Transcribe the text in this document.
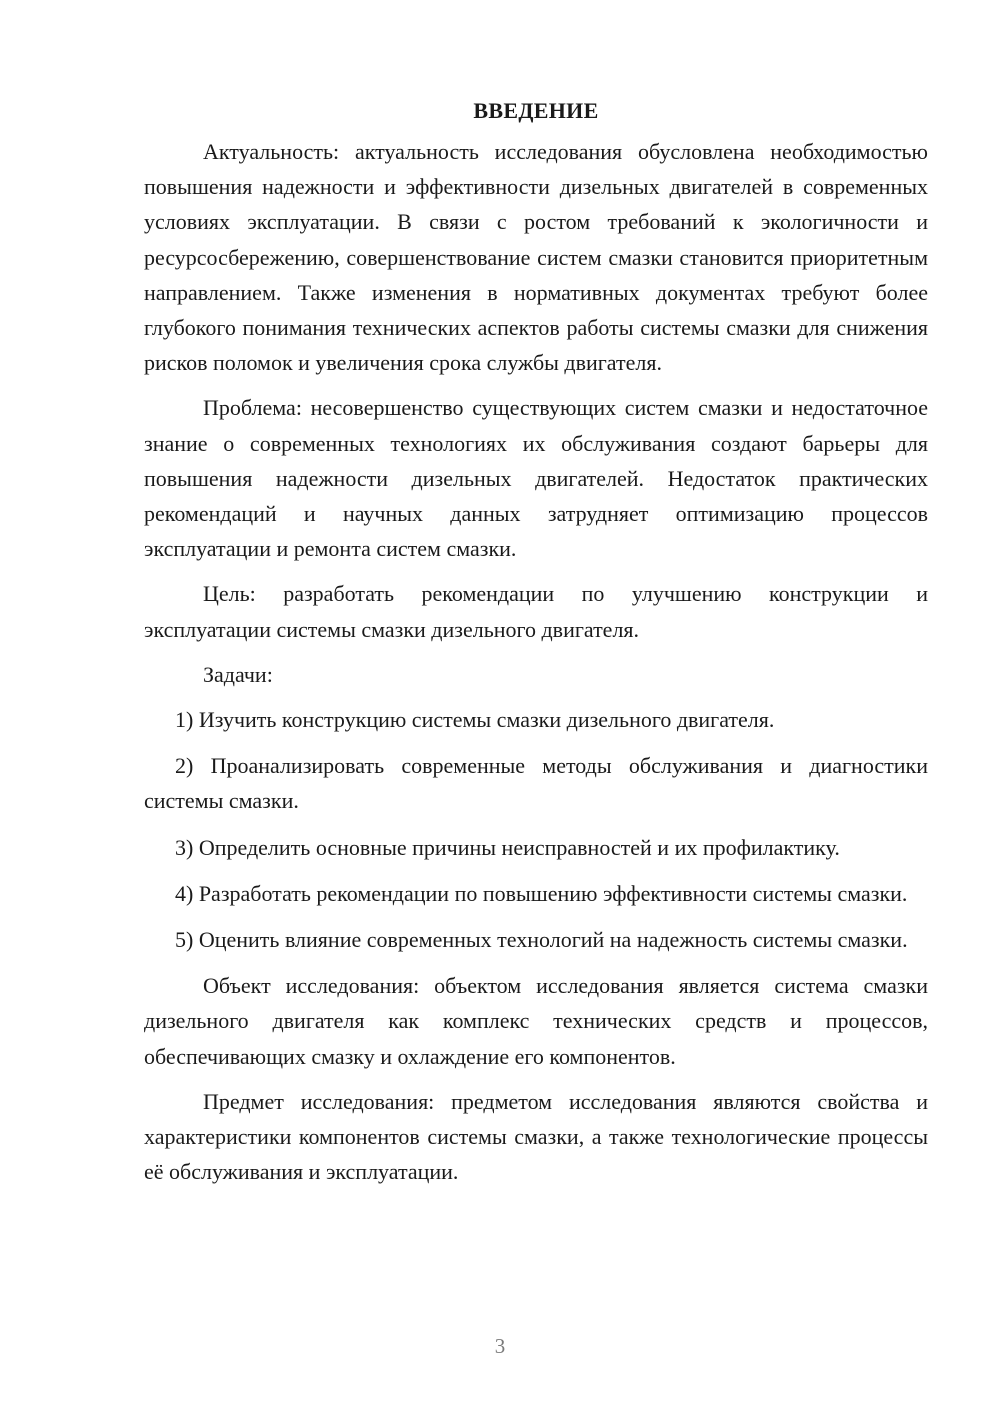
ВВЕДЕНИЕ

Актуальность: актуальность исследования обусловлена необходимостью повышения надежности и эффективности дизельных двигателей в современных условиях эксплуатации. В связи с ростом требований к экологичности и ресурсосбережению, совершенствование систем смазки становится приоритетным направлением. Также изменения в нормативных документах требуют более глубокого понимания технических аспектов работы системы смазки для снижения рисков поломок и увеличения срока службы двигателя.

Проблема: несовершенство существующих систем смазки и недостаточное знание о современных технологиях их обслуживания создают барьеры для повышения надежности дизельных двигателей. Недостаток практических рекомендаций и научных данных затрудняет оптимизацию процессов эксплуатации и ремонта систем смазки.

Цель: разработать рекомендации по улучшению конструкции и эксплуатации системы смазки дизельного двигателя.

Задачи:

1) Изучить конструкцию системы смазки дизельного двигателя.

2) Проанализировать современные методы обслуживания и диагностики системы смазки.

3) Определить основные причины неисправностей и их профилактику.

4) Разработать рекомендации по повышению эффективности системы смазки.

5) Оценить влияние современных технологий на надежность системы смазки.

Объект исследования: объектом исследования является система смазки дизельного двигателя как комплекс технических средств и процессов, обеспечивающих смазку и охлаждение его компонентов.

Предмет исследования: предметом исследования являются свойства и характеристики компонентов системы смазки, а также технологические процессы её обслуживания и эксплуатации.

3
